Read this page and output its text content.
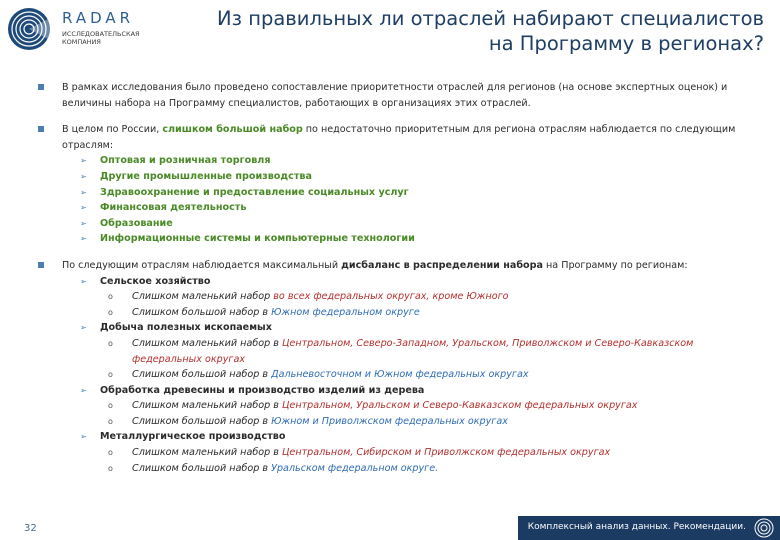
RADAR
ИССЛЕДОВАТЕЛЬСКАЯ КОМПАНИЯ
Из правильных ли отраслей набирают специалистов
на Программу в регионах?
В рамках исследования было проведено сопоставление приоритетности отраслей для регионов (на основе экспертных оценок) и величины набора на Программу специалистов, работающих в организациях этих отраслей.
В целом по России, слишком большой набор по недостаточно приоритетным для региона отраслям наблюдается по следующим отраслям:
➢ Оптовая и розничная торговля
➢ Другие промышленные производства
➢ Здравоохранение и предоставление социальных услуг
➢ Финансовая деятельность
➢ Образование
➢ Информационные системы и компьютерные технологии
По следующим отраслям наблюдается максимальный дисбаланс в распределении набора на Программу по регионам:
➢ Сельское хозяйство
o Слишком маленький набор во всех федеральных округах, кроме Южного
o Слишком большой набор в Южном федеральном округе
➢ Добыча полезных ископаемых
o Слишком маленький набор в Центральном, Северо-Западном, Уральском, Приволжском и Северо-Кавказском федеральных округах
o Слишком большой набор в Дальневосточном и Южном федеральных округах
➢ Обработка древесины и производство изделий из дерева
o Слишком маленький набор в Центральном, Уральском и Северо-Кавказском федеральных округах
o Слишком большой набор в Южном и Приволжском федеральных округах
➢ Металлургическое производство
o Слишком маленький набор в Центральном, Сибирском и Приволжском федеральных округах
o Слишком большой набор в Уральском федеральном округе.
32	Комплексный анализ данных. Рекомендации.
